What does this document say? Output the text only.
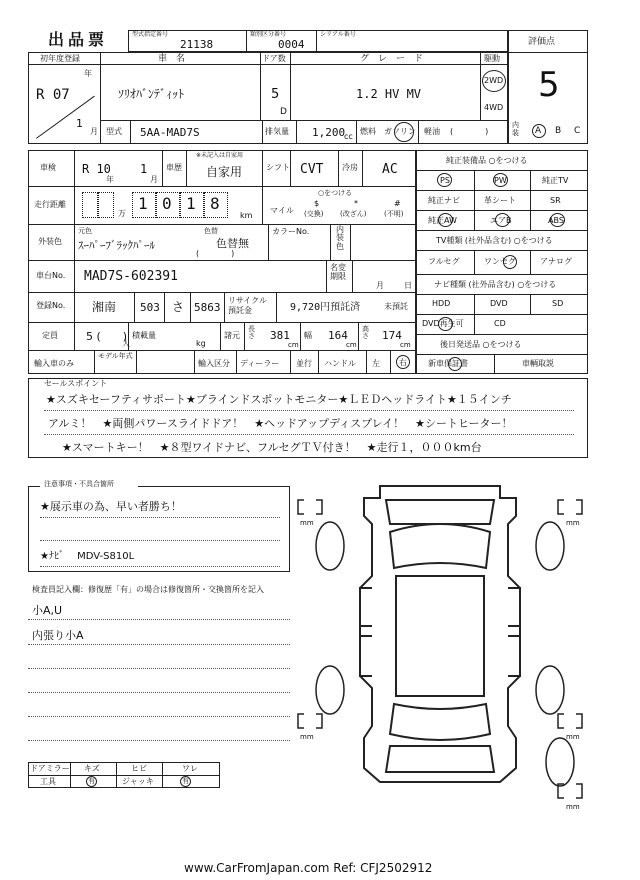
出品票	型式指定番号
21138
類別区分番号
0004
シリアル番号
評価点
5
初年度登録
年
R 07
1
月
車　名
ｿﾘｵﾊﾞﾝﾃﾞｨｯﾄ
ドア数
5
D
グ　レ　ー　ド
1.2 HV MV
駆動
2WD
4WD
型式 5AA-MAD7S	排気量 1,200
cc
燃料 ガソリン 軽油 (　　　　)
内装	A B C
車検 R 10
年
1
月
車歴
※未記入は自家用
自家用	シフト CVT 冷房 AC
走行距離
万
1 0 1 8
km
○をつける
マイル
$
(交換)
*
(改ざん)
#
(不明)
外装色
元色
ｽｰﾊﾟｰﾌﾞﾗｯｸﾊﾟｰﾙ
色替
色替無
(　　　　)
カラーNo.	内装色
車台No. MAD7S-602391
名変期限
月	日
登録No. 湘南 503 さ 5863
リサイクル預託金	9,720円預託済	未預託
定員	5 (　　)
人
積載量
kg
諸元
長さ 381
cm
幅 164
cm
高さ 174
cm
輸入車のみ
モデル年式
輸入区分 ディーラー 並行 ハンドル 左 右
純正装備品 ○をつける
PS	PW	純正TV
純正ナビ	革シート	SR
純正AW	エアB	ABS
TV種類 (社外品含む) ○をつける
フルセグ	ワンセグ	アナログ
ナビ種類 (社外品含む) ○をつける
HDD	DVD	SD
DVD再生可	CD
後日発送品 ○をつける
新車保証書	車輌取説
セールスポイント
★スズキセーフティサポート★ブラインドスポットモニター★ＬＥＤヘッドライト★１５インチ
アルミ！　★両側パワースライドドア！　★ヘッドアップディスプレイ！　★シートヒーター！
★スマートキー！　★８型ワイドナビ、フルセグＴＶ付き！　★走行１，０００km台
注意事項・不具合箇所
★展示車の為、早い者勝ち！
★ﾅﾋﾞ　 MDV-S810L
検査員記入欄：修復歴「有」の場合は修復箇所・交換箇所を記入
小A,U
内張り小A
ドアミラー キズ	ヒビ	ワレ
工具	有	ジャッキ	有
mm	mm
mm	mm
mm
www.CarFromJapan.com Ref: CFJ2502912
